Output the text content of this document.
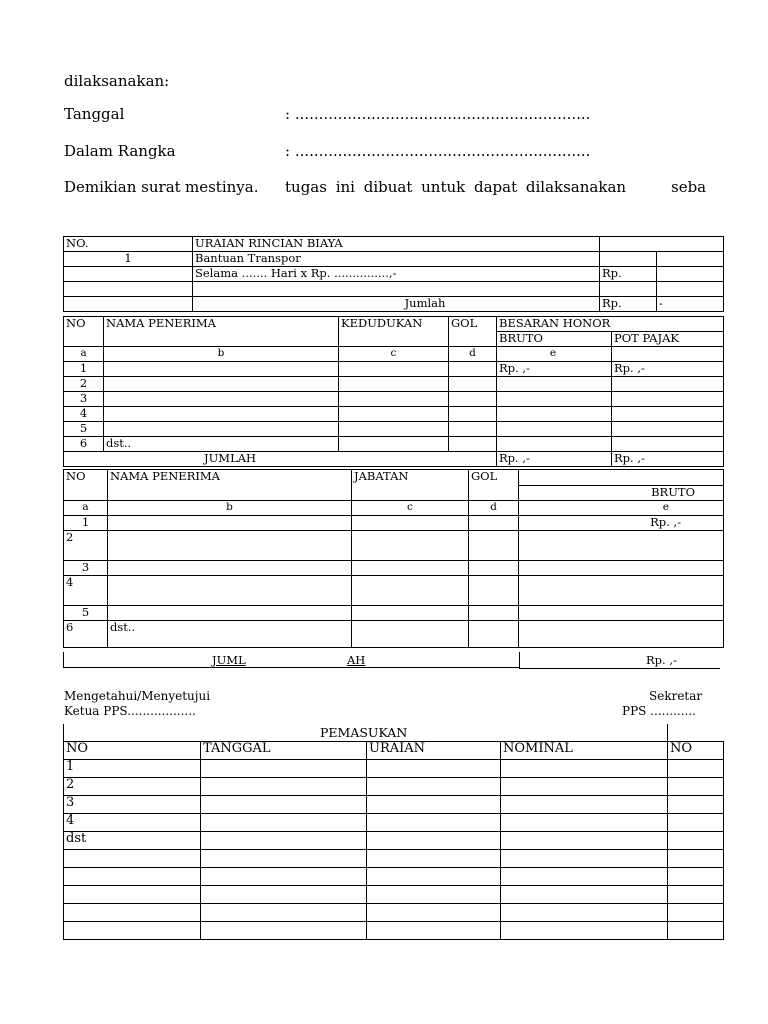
dilaksanakan:
Tanggal	: ..............................................................
Dalam Rangka	: ..............................................................
Demikian surat mestinya. tugas ini dibuat untuk dapat dilaksanakan	seba
NO.	URAIAN RINCIAN BIAYA		
1	Bantuan Transpor		
	Selama ....... Hari x Rp. ...............,-	Rp.	

	Jumlah	Rp.	-
NO	NAMA PENERIMA	KEDUDUKAN	GOL	BESARAN HONOR	
				BRUTO	POT PAJAK
a	b	c	d	e	
1				Rp. ,-	Rp. ,-
2					
3					
4					
5					
6	dst..				
JUMLAH				Rp. ,-	Rp. ,-
NO	NAMA PENERIMA	JABATAN	GOL	
				BRUTO
a	b	c	d	e
1				Rp. ,-
2				
3				
4				
5				
6	dst..			
JUML	AH	Rp. ,-
Mengetahui/Menyetujui
Ketua PPS..................
Sekretar
PPS ............
PEMASUKAN
NO	TANGGAL	URAIAN	NOMINAL	NO
1				
2				
3				
4				
dst				
